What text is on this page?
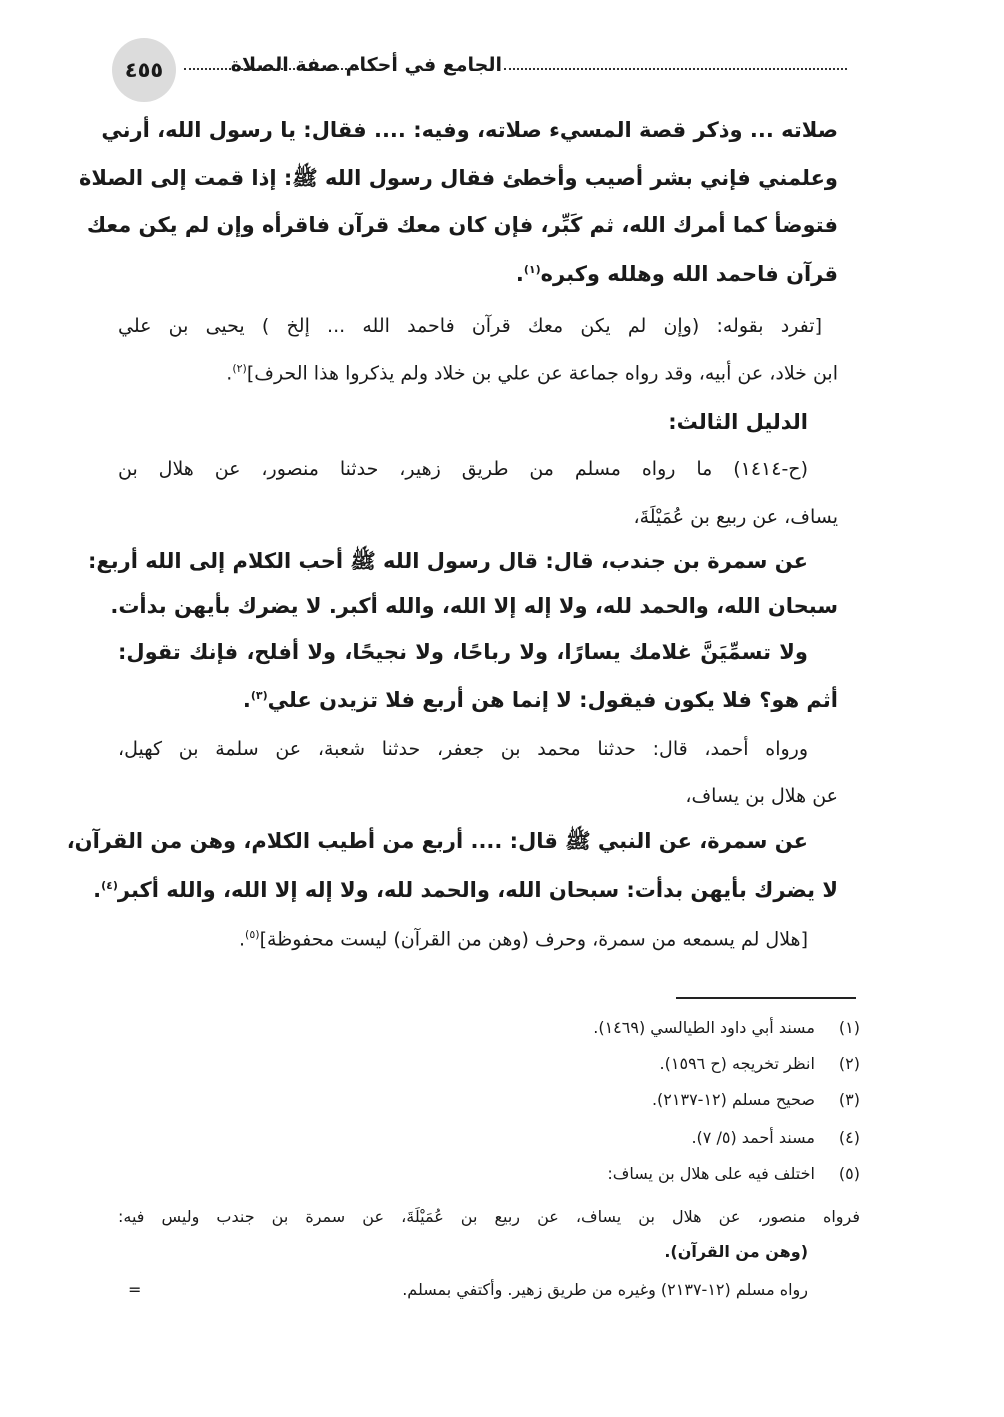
٤٥٥	الجامع في أحكام صفة الصلاة
صلاته ... وذكر قصة المسيء صلاته، وفيه: .... فقال: يا رسول الله، أرني
وعلمني فإني بشر أصيب وأخطئ فقال رسول الله ﷺ: إذا قمت إلى الصلاة
فتوضأ كما أمرك الله، ثم كَبِّر، فإن كان معك قرآن فاقرأه وإن لم يكن معك
قرآن فاحمد الله وهلله وكبره$^{(١)}$.
[تفرد بقوله: (وإن لم يكن معك قرآن فاحمد الله ... إلخ ) يحيى بن علي
ابن خلاد، عن أبيه، وقد رواه جماعة عن علي بن خلاد ولم يذكروا هذا الحرف]$^{(٢)}$.
الدليل الثالث:
(ح-١٤١٤) ما رواه مسلم من طريق زهير، حدثنا منصور، عن هلال بن
يساف، عن ربيع بن عُمَيْلَةَ،
عن سمرة بن جندب، قال: قال رسول الله ﷺ أحب الكلام إلى الله أربع:
سبحان الله، والحمد لله، ولا إله إلا الله، والله أكبر. لا يضرك بأيهن بدأت.
ولا تسمِّيَنَّ غلامك يسارًا، ولا رباحًا، ولا نجيحًا، ولا أفلح، فإنك تقول:
أثم هو؟ فلا يكون فيقول: لا إنما هن أربع فلا تزيدن علي$^{(٣)}$.
ورواه أحمد، قال: حدثنا محمد بن جعفر، حدثنا شعبة، عن سلمة بن كهيل،
عن هلال بن يساف،
عن سمرة، عن النبي ﷺ قال: .... أربع من أطيب الكلام، وهن من القرآن،
لا يضرك بأيهن بدأت: سبحان الله، والحمد لله، ولا إله إلا الله، والله أكبر$^{(٤)}$.
[هلال لم يسمعه من سمرة، وحرف (وهن من القرآن) ليست محفوظة]$^{(٥)}$.
(١) مسند أبي داود الطيالسي (١٤٦٩).
(٢) انظر تخريجه (ح ١٥٩٦).
(٣) صحيح مسلم (١٢-٢١٣٧).
(٤) مسند أحمد (٥/ ٧).
(٥) اختلف فيه على هلال بن يساف:
فرواه منصور، عن هلال بن يساف، عن ربيع بن عُمَيْلَةَ، عن سمرة بن جندب وليس فيه:
(وهن من القرآن).
رواه مسلم (١٢-٢١٣٧) وغيره من طريق زهير. وأكتفي بمسلم.
=
